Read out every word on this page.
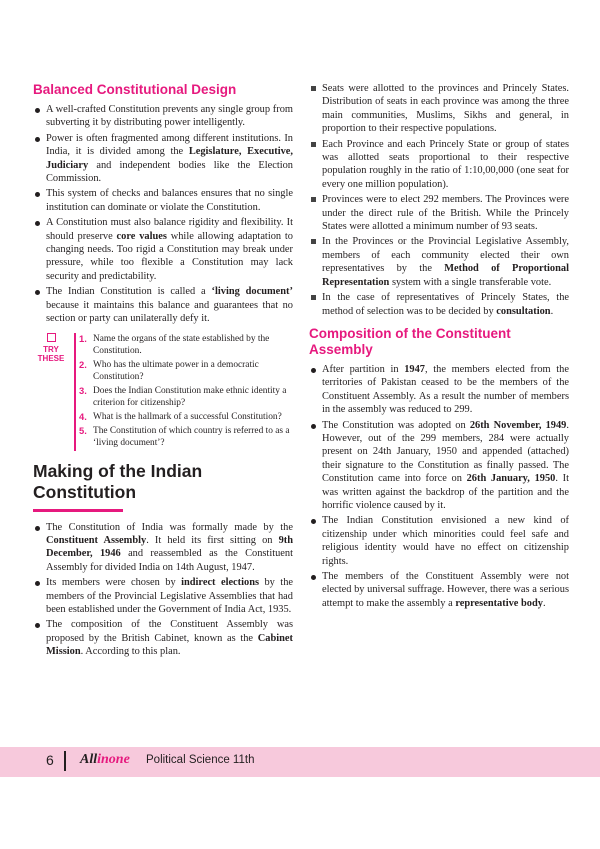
Balanced Constitutional Design
A well-crafted Constitution prevents any single group from subverting it by distributing power intelligently.
Power is often fragmented among different institutions. In India, it is divided among the Legislature, Executive, Judiciary and independent bodies like the Election Commission.
This system of checks and balances ensures that no single institution can dominate or violate the Constitution.
A Constitution must also balance rigidity and flexibility. It should preserve core values while allowing adaptation to changing needs. Too rigid a Constitution may break under pressure, while too flexible a Constitution may lack security and predictability.
The Indian Constitution is called a ‘living document’ because it maintains this balance and guarantees that no section or party can unilaterally defy it.
TRY
THESE
1. Name the organs of the state established by the Constitution.
2. Who has the ultimate power in a democratic Constitution?
3. Does the Indian Constitution make ethnic identity a criterion for citizenship?
4. What is the hallmark of a successful Constitution?
5. The Constitution of which country is referred to as a ‘living document’?
Making of the Indian Constitution
The Constitution of India was formally made by the Constituent Assembly. It held its first sitting on 9th December, 1946 and reassembled as the Constituent Assembly for divided India on 14th August, 1947.
Its members were chosen by indirect elections by the members of the Provincial Legislative Assemblies that had been established under the Government of India Act, 1935.
The composition of the Constituent Assembly was proposed by the British Cabinet, known as the Cabinet Mission. According to this plan.
Seats were allotted to the provinces and Princely States. Distribution of seats in each province was among the three main communities, Muslims, Sikhs and general, in proportion to their respective populations.
Each Province and each Princely State or group of states was allotted seats proportional to their respective population roughly in the ratio of 1:10,00,000 (one seat for every one million population).
Provinces were to elect 292 members. The Provinces were under the direct rule of the British. While the Princely States were allotted a minimum number of 93 seats.
In the Provinces or the Provincial Legislative Assembly, members of each community elected their own representatives by the Method of Proportional Representation system with a single transferable vote.
In the case of representatives of Princely States, the method of selection was to be decided by consultation.
Composition of the Constituent Assembly
After partition in 1947, the members elected from the territories of Pakistan ceased to be the members of the Constituent Assembly. As a result the number of members in the assembly was reduced to 299.
The Constitution was adopted on 26th November, 1949. However, out of the 299 members, 284 were actually present on 24th January, 1950 and appended (attached) their signature to the Constitution as finally passed. The Constitution came into force on 26th January, 1950. It was written against the backdrop of the partition and the horrific violence caused by it.
The Indian Constitution envisioned a new kind of citizenship under which minorities could feel safe and religious identity would have no effect on citizenship rights.
The members of the Constituent Assembly were not elected by universal suffrage. However, there was a serious attempt to make the assembly a representative body.
6 Allinone Political Science 11th
